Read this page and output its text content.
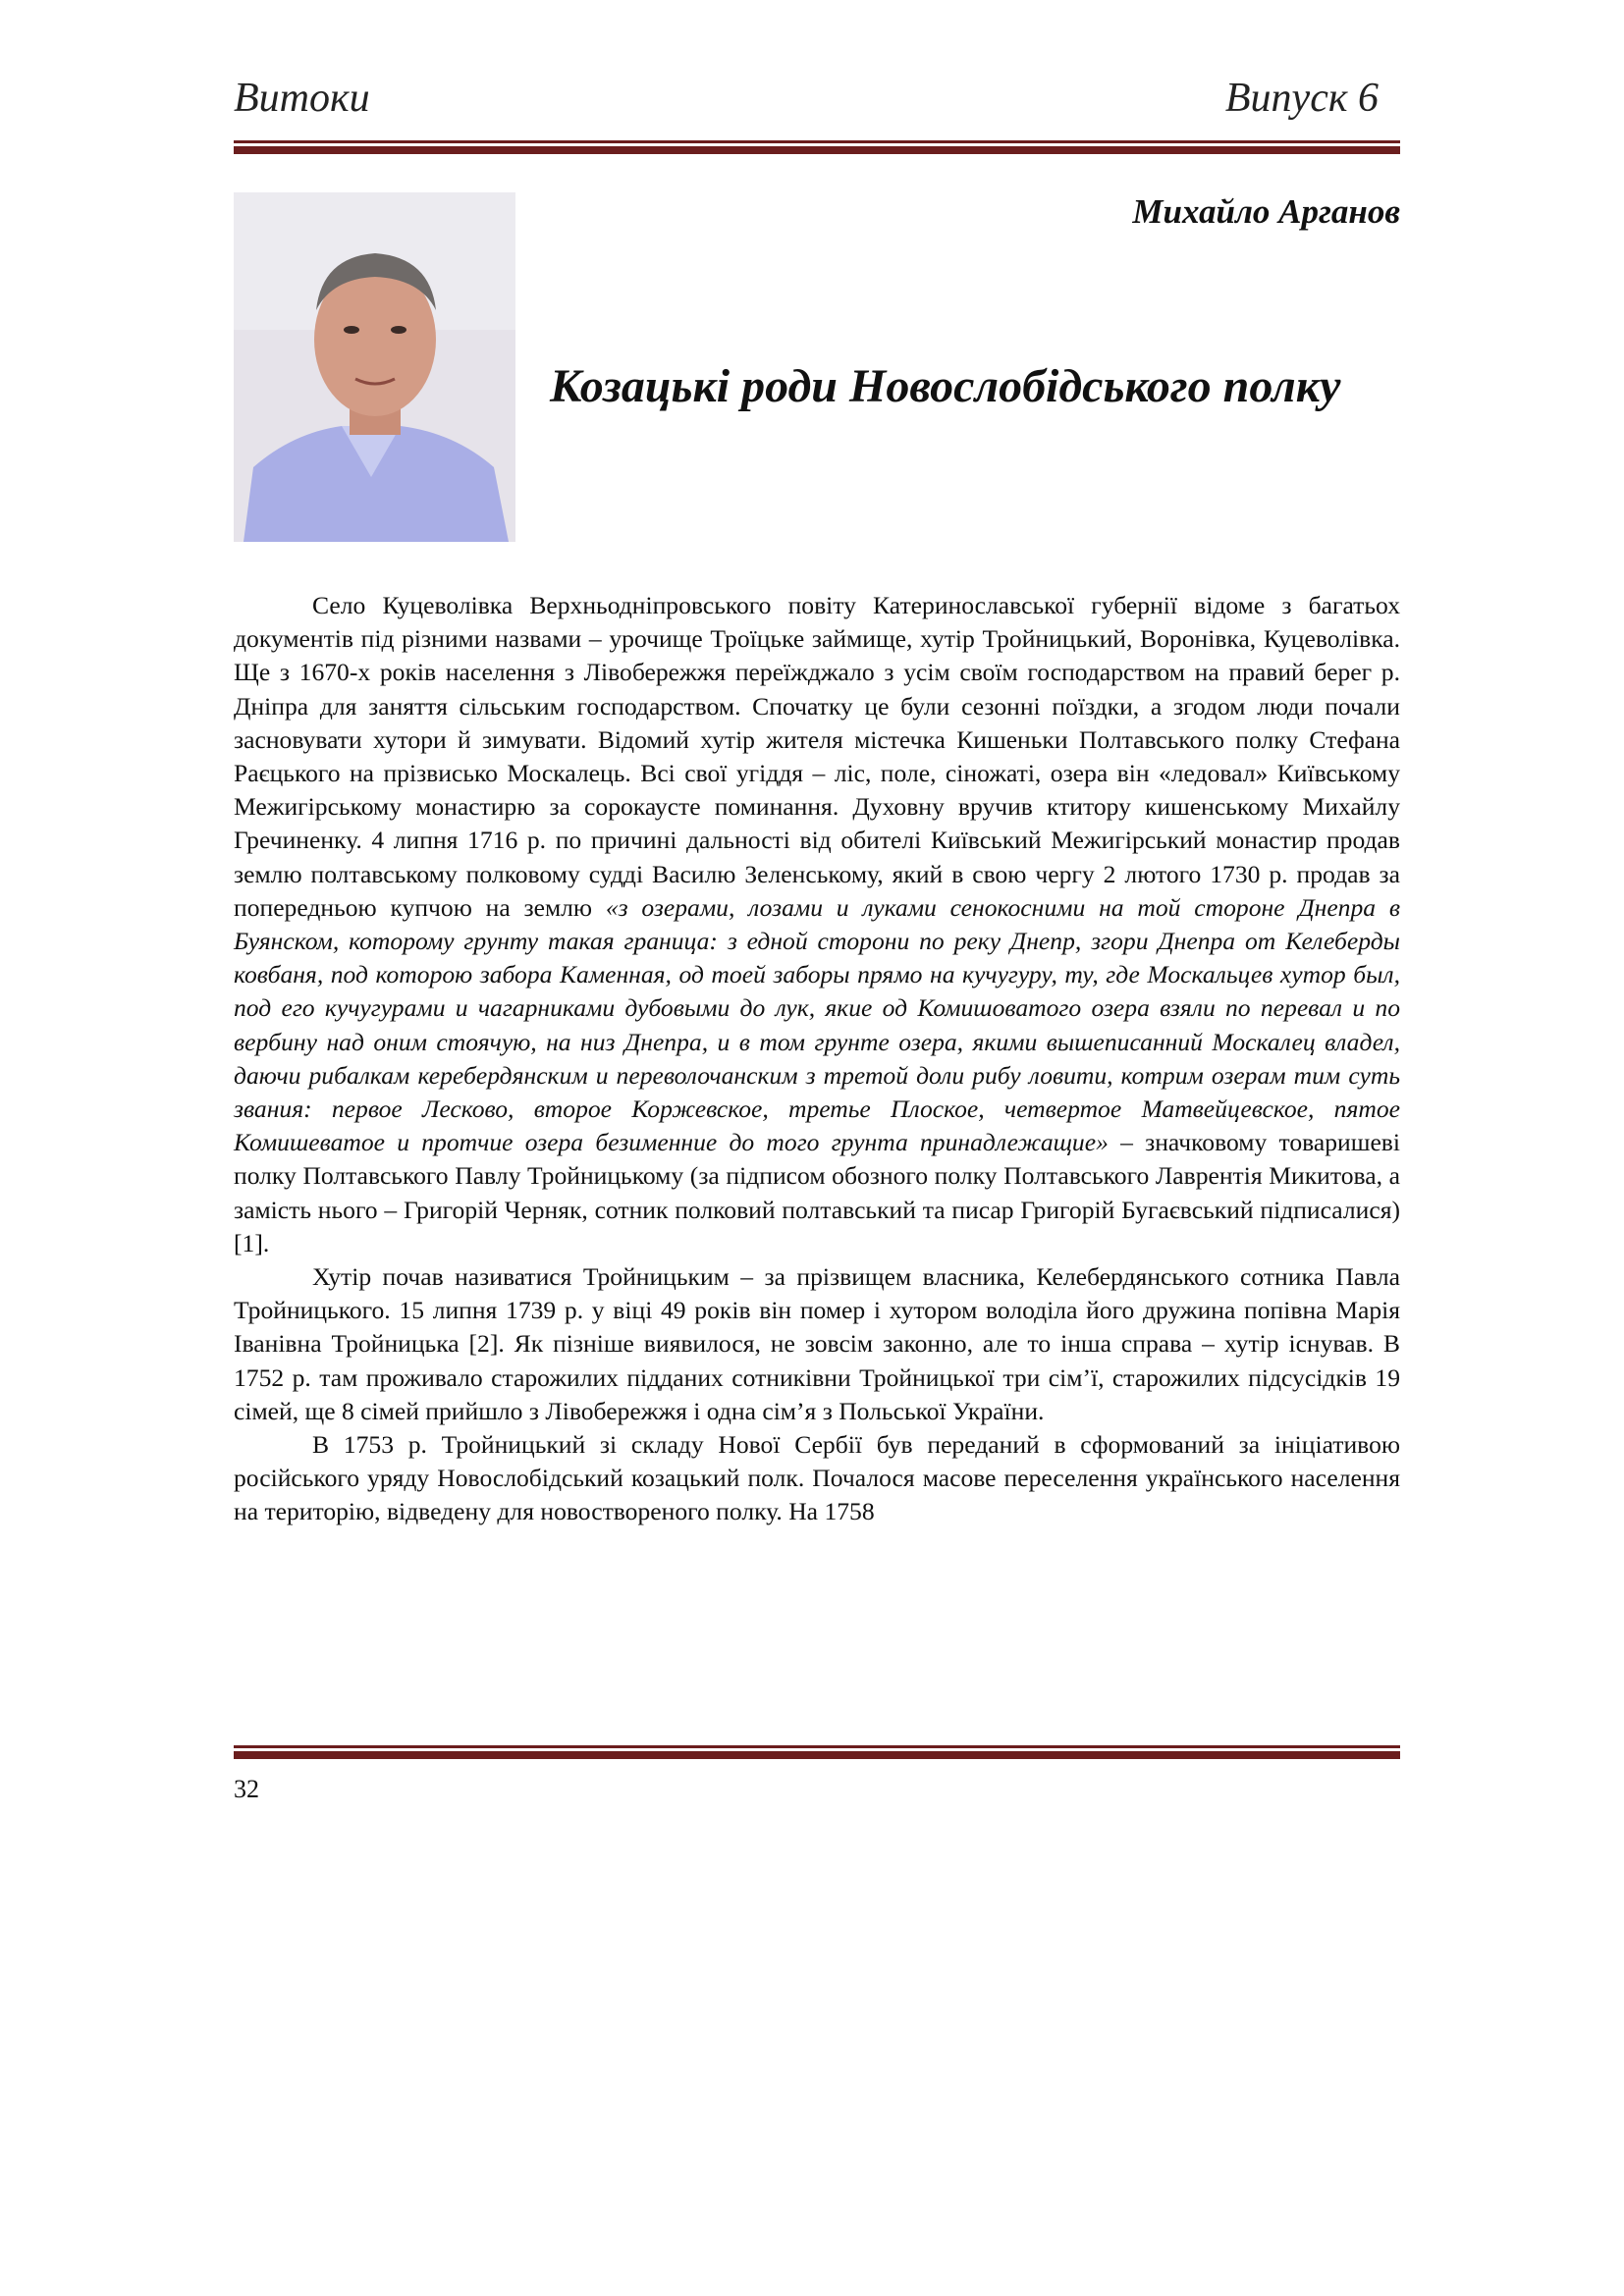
Витоки	Випуск 6
Михайло Арганов
Козацькі роди Новослобідського полку

Село Куцеволівка Верхньодніпровського повіту Катеринославської губернії відоме з багатьох документів під різними назвами – урочище Троїцьке займище, хутір Тройницький, Воронівка, Куцеволівка. Ще з 1670-х років населення з Лівобережжя переїжджало з усім своїм господарством на правий берег р. Дніпра для заняття сільським господарством. Спочатку це були сезонні поїздки, а згодом люди почали засновувати хутори й зимувати. Відомий хутір жителя містечка Кишеньки Полтавського полку Стефана Раєцького на прізвисько Москалець. Всі свої угіддя – ліс, поле, сіножаті, озера він «ледовал» Київському Межигірському монастирю за сорокаусте поминання. Духовну вручив ктитору кишенському Михайлу Гречиненку. 4 липня 1716 р. по причині дальності від обителі Київський Межигірський монастир продав землю полтавському полковому судді Василю Зеленському, який в свою чергу 2 лютого 1730 р. продав за попередньою купчою на землю «з озерами, лозами и луками сенокосними на той стороне Днепра в Буянском, которому грунту такая граница: з едной сторони по реку Днепр, згори Днепра от Келеберды ковбаня, под которою забора Каменная, од тоей заборы прямо на кучугуру, ту, где Москальцев хутор был, под его кучугурами и чагарниками дубовыми до лук, якие од Комишоватого озера взяли по перевал и по вербину над оним стоячую, на низ Днепра, и в том грунте озера, якими вышеписанний Москалец владел, даючи рибалкам керебердянским и переволочанским з третой доли рибу ловити, котрим озерам тим суть звания: первое Лесково, второе Коржевское, третье Плоское, четвертое Матвейцевское, пятое Комишеватое и протчие озера безименние до того грунта принадлежащие» – значковому товаришеві полку Полтавського Павлу Тройницькому (за підписом обозного полку Полтавського Лаврентія Микитова, а замість нього – Григорій Черняк, сотник полковий полтавський та писар Григорій Бугаєвський підписалися) [1].

Хутір почав називатися Тройницьким – за прізвищем власника, Келебердянського сотника Павла Тройницького. 15 липня 1739 р. у віці 49 років він помер і хутором володіла його дружина попівна Марія Іванівна Тройницька [2]. Як пізніше виявилося, не зовсім законно, але то інша справа – хутір існував. В 1752 р. там проживало старожилих підданих сотниківни Тройницької три сім’ї, старожилих підсусідків 19 сімей, ще 8 сімей прийшло з Лівобережжя і одна сім’я з Польської України.

В 1753 р. Тройницький зі складу Нової Сербії був переданий в сформований за ініціативою російського уряду Новослобідський козацький полк. Почалося масове переселення українського населення на територію, відведену для новоствореного полку. На 1758

32
